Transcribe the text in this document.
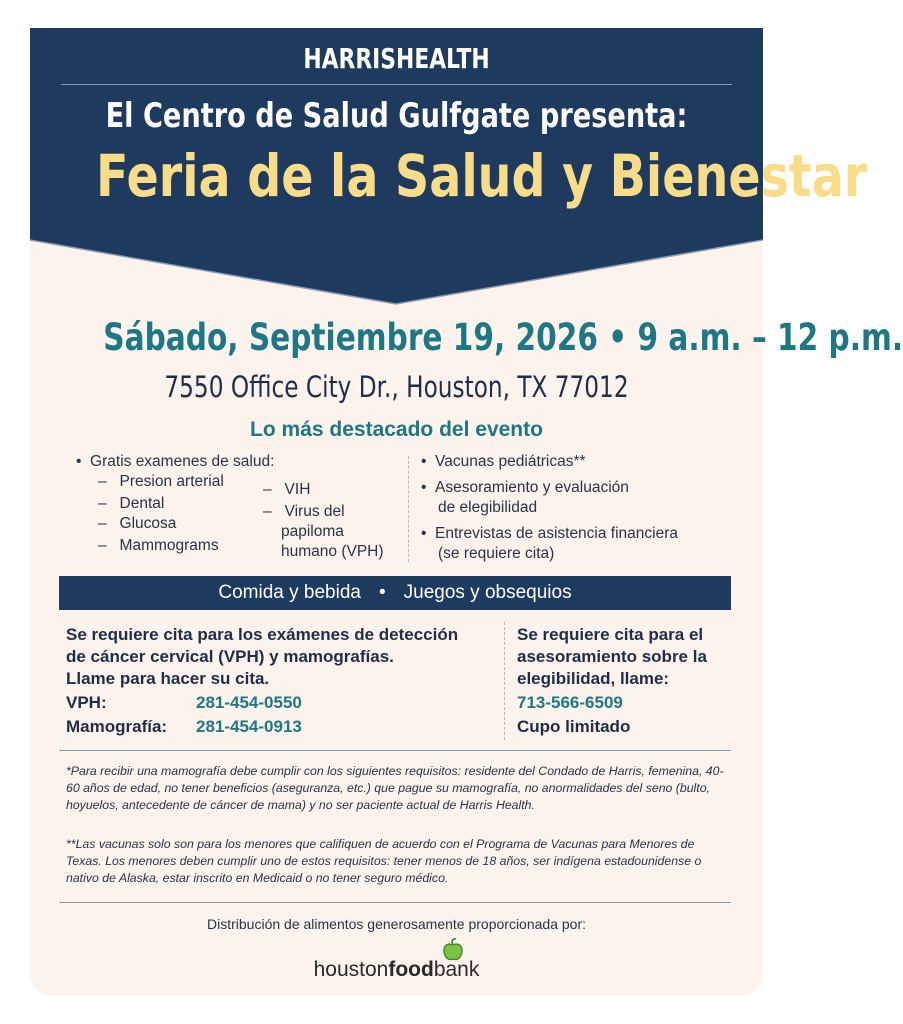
HARRISHEALTH
El Centro de Salud Gulfgate presenta:
Feria de la Salud y Bienestar
Sábado, Septiembre 19, 2026 • 9 a.m. – 12 p.m.
7550 Office City Dr., Houston, TX 77012
Lo más destacado del evento
•  Gratis examenes de salud:
–   Presion arterial
–   Dental
–   Glucosa
–   Mammograms
–   VIH
–   Virus del
papiloma
humano (VPH)
•  Vacunas pediátricas**
•  Asesoramiento y evaluación
de elegibilidad
•  Entrevistas de asistencia financiera
(se requiere cita)
Comida y bebida • Juegos y obsequios
Se requiere cita para los exámenes de detección
de cáncer cervical (VPH) y mamografías.
Llame para hacer su cita.
VPH:	281-454-0550
Mamografía: 281-454-0913
Se requiere cita para el
asesoramiento sobre la
elegibilidad, llame:
713-566-6509
Cupo limitado
*Para recibir una mamografía debe cumplir con los siguientes requisitos: residente del Condado de Harris, femenina, 40-60 años de edad, no tener beneficios (aseguranza, etc.) que pague su mamografía, no anormalidades del seno (bulto, hoyuelos, antecedente de cáncer de mama) y no ser paciente actual de Harris Health.
**Las vacunas solo son para los menores que califiquen de acuerdo con el Programa de Vacunas para Menores de Texas. Los menores deben cumplir uno de estos requisitos: tener menos de 18 años, ser indígena estadounidense o nativo de Alaska, estar inscrito en Medicaid o no tener seguro médico.
Distribución de alimentos generosamente proporcionada por:
houstonfoodbank
